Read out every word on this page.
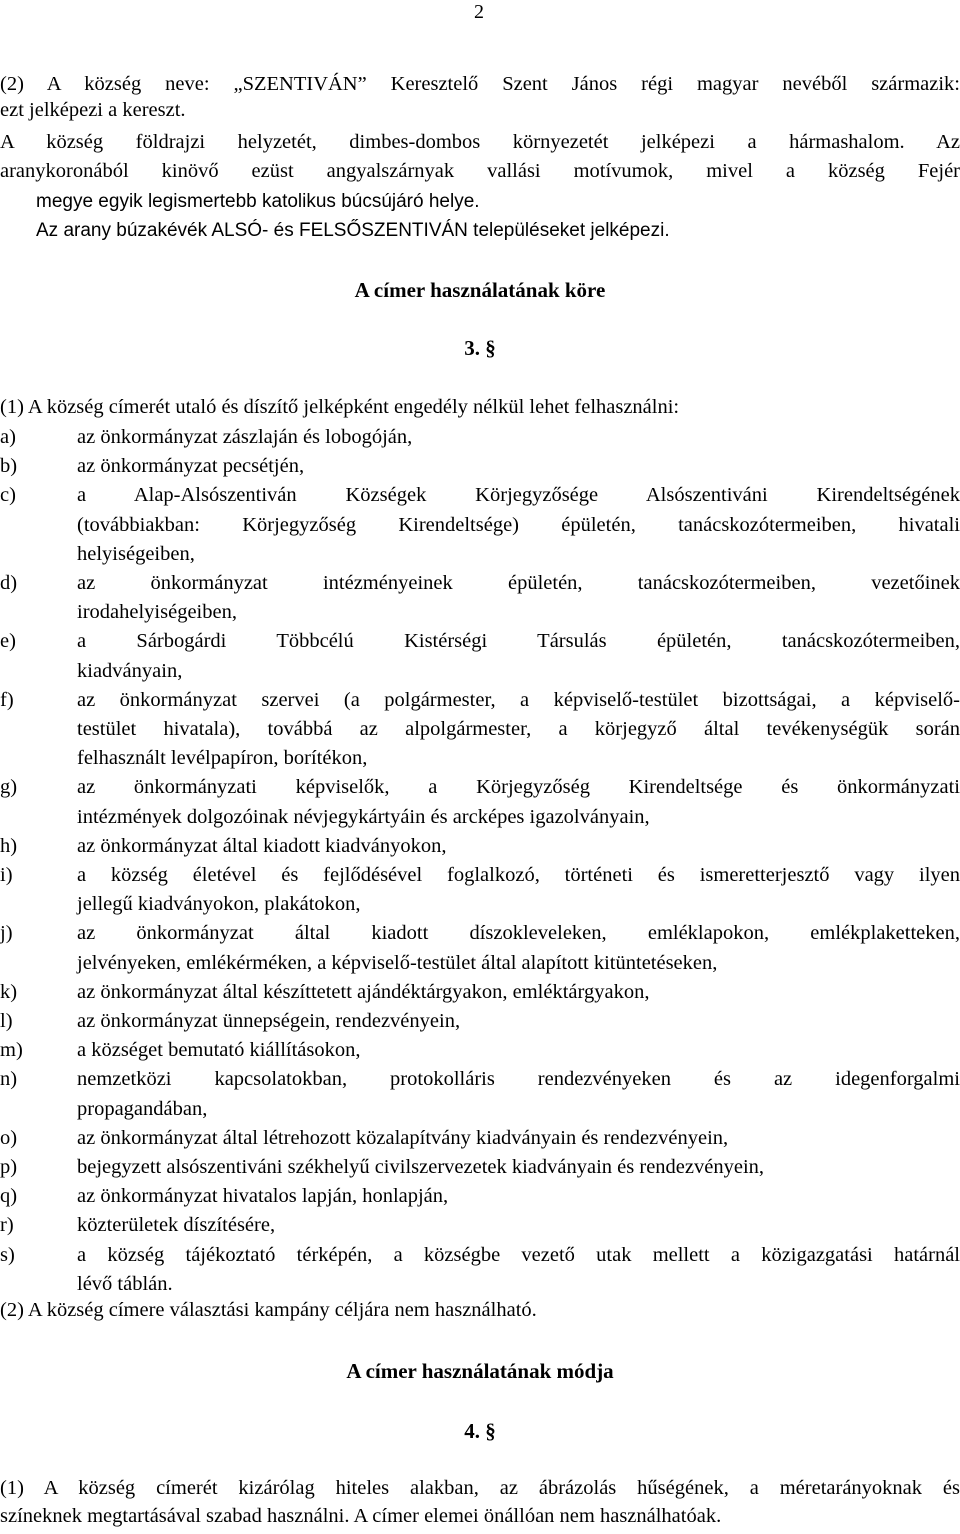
2
(2) A község neve: „SZENTIVÁN” Keresztelő Szent János régi magyar nevéből származik:
ezt jelképezi a kereszt.
A község földrajzi helyzetét, dimbes-dombos környezetét jelképezi a hármashalom. Az
aranykoronából kinövő ezüst angyalszárnyak vallási motívumok, mivel a község Fejér
megye egyik legismertebb katolikus búcsújáró helye.
Az arany búzakévék ALSÓ- és FELSŐSZENTIVÁN településeket jelképezi.
A címer használatának köre
3. §
(1) A község címerét utaló és díszítő jelképként engedély nélkül lehet felhasználni:
a)	az önkormányzat zászlaján és lobogóján,
b)	az önkormányzat pecsétjén,
c)	a Alap-Alsószentiván Községek Körjegyzősége Alsószentiváni Kirendeltségének
(továbbiakban: Körjegyzőség Kirendeltsége) épületén, tanácskozótermeiben, hivatali
helyiségeiben,
d)	az önkormányzat intézményeinek épületén, tanácskozótermeiben, vezetőinek
irodahelyiségeiben,
e)	a Sárbogárdi Többcélú Kistérségi Társulás épületén, tanácskozótermeiben,
kiadványain,
f)	az önkormányzat szervei (a polgármester, a képviselő-testület bizottságai, a képviselő-
testület hivatala), továbbá az alpolgármester, a körjegyző által tevékenységük során
felhasznált levélpapíron, borítékon,
g)	az önkormányzati képviselők, a Körjegyzőség Kirendeltsége és önkormányzati
intézmények dolgozóinak névjegykártyáin és arcképes igazolványain,
h)	az önkormányzat által kiadott kiadványokon,
i)	a község életével és fejlődésével foglalkozó, történeti és ismeretterjesztő vagy ilyen
jellegű kiadványokon, plakátokon,
j)	az önkormányzat által kiadott díszokleveleken, emléklapokon, emlékplaketteken,
jelvényeken, emlékérméken, a képviselő-testület által alapított kitüntetéseken,
k)	az önkormányzat által készíttetett ajándéktárgyakon, emléktárgyakon,
l)	az önkormányzat ünnepségein, rendezvényein,
m)	a községet bemutató kiállításokon,
n)	nemzetközi kapcsolatokban, protokolláris rendezvényeken és az idegenforgalmi
propagandában,
o)	az önkormányzat által létrehozott közalapítvány kiadványain és rendezvényein,
p)	bejegyzett alsószentiváni székhelyű civilszervezetek kiadványain és rendezvényein,
q)	az önkormányzat hivatalos lapján, honlapján,
r)	közterületek díszítésére,
s)	a község tájékoztató térképén, a községbe vezető utak mellett a közigazgatási határnál
lévő táblán.
(2) A község címere választási kampány céljára nem használható.
A címer használatának módja
4. §
(1) A község címerét kizárólag hiteles alakban, az ábrázolás hűségének, a méretarányoknak és
színeknek megtartásával szabad használni. A címer elemei önállóan nem használhatóak.
